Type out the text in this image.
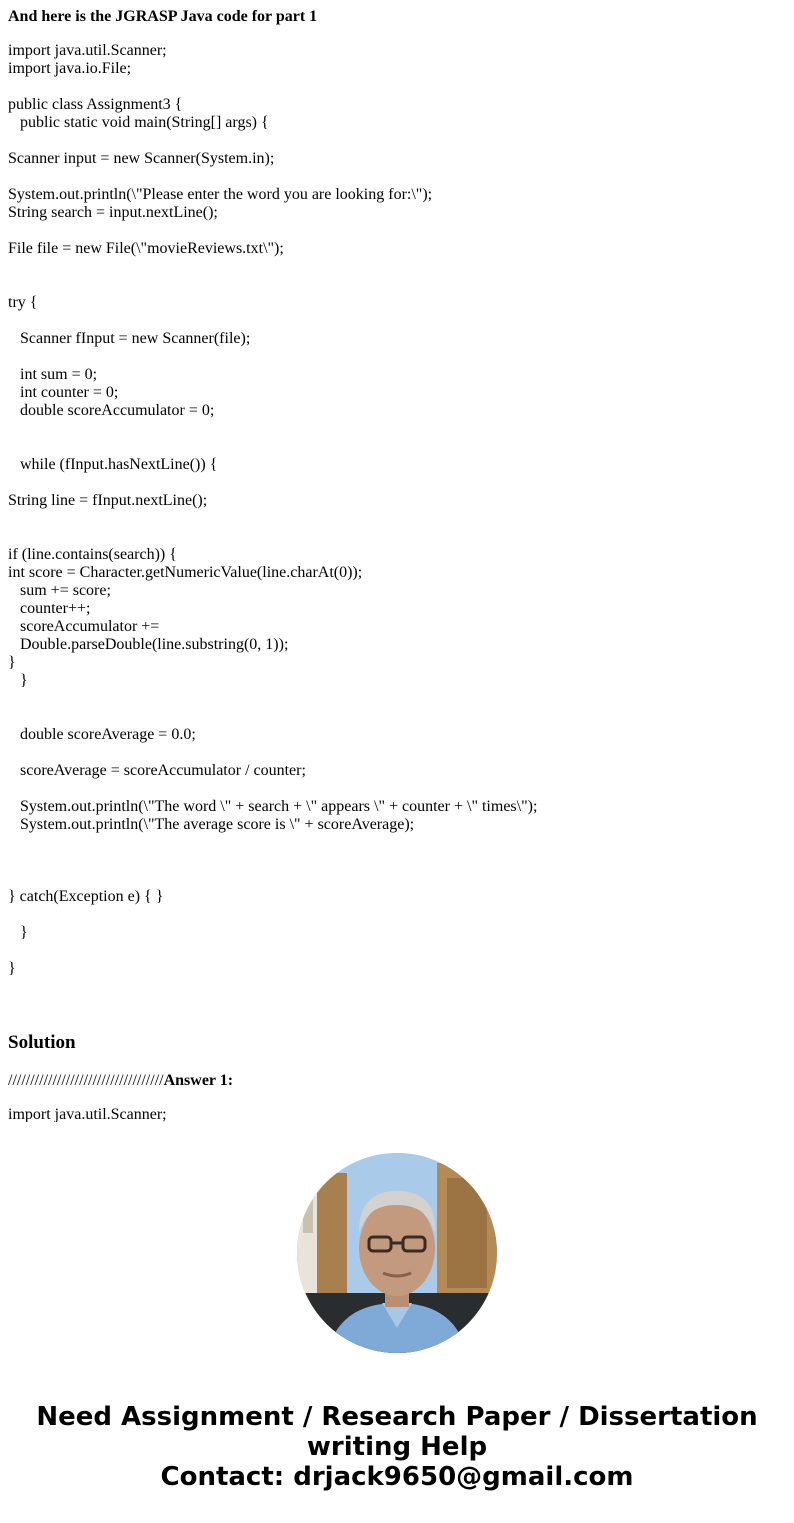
And here is the JGRASP Java code for part 1
import java.util.Scanner;
import java.io.File;
public class Assignment3 {
public static void main(String[] args) {
Scanner input = new Scanner(System.in);
System.out.println(\"Please enter the word you are looking for:\");
String search = input.nextLine();
File file = new File(\"movieReviews.txt\");
try {
Scanner fInput = new Scanner(file);
int sum = 0;
int counter = 0;
double scoreAccumulator = 0;
while (fInput.hasNextLine()) {
String line = fInput.nextLine();
if (line.contains(search)) {
int score = Character.getNumericValue(line.charAt(0));
sum += score;
counter++;
scoreAccumulator +=
Double.parseDouble(line.substring(0, 1));
}
}
double scoreAverage = 0.0;
scoreAverage = scoreAccumulator / counter;
System.out.println(\"The word \" + search + \" appears \" + counter + \" times\");
System.out.println(\"The average score is \" + scoreAverage);
} catch(Exception e) { }
}
}
Solution

///////////////////////////////////Answer 1:

import java.util.Scanner;
Need Assignment / Research Paper / Dissertation
writing Help
Contact: drjack9650@gmail.com
